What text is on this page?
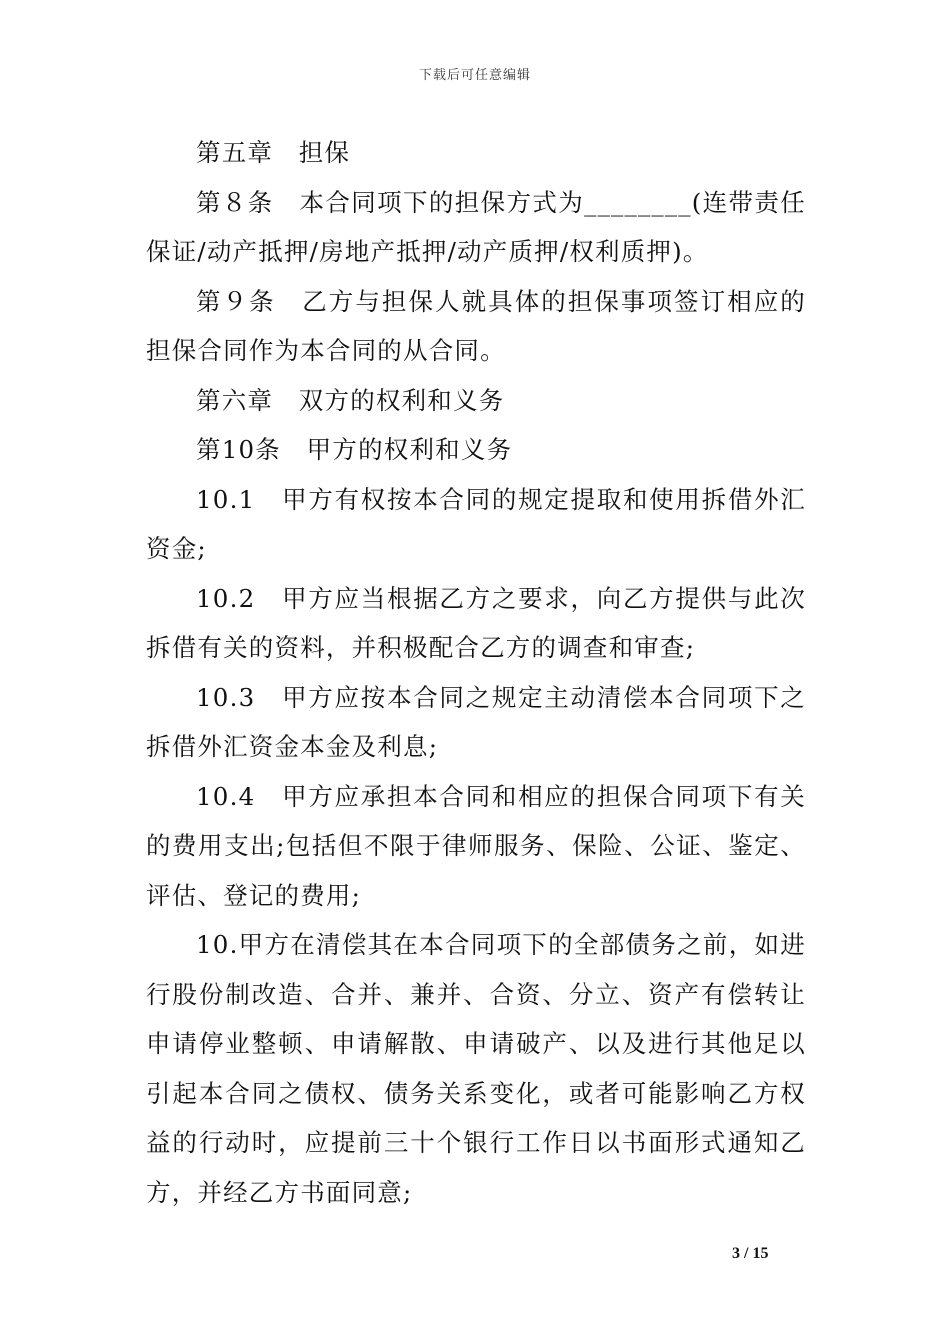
下载后可任意编辑

第五章　担保

第８条　本合同项下的担保方式为________(连带责任保证/动产抵押/房地产抵押/动产质押/权利质押)。

第９条　乙方与担保人就具体的担保事项签订相应的担保合同作为本合同的从合同。

第六章　双方的权利和义务

第10条　甲方的权利和义务

10.1　甲方有权按本合同的规定提取和使用拆借外汇资金;

10.2　甲方应当根据乙方之要求，向乙方提供与此次拆借有关的资料，并积极配合乙方的调查和审查;

10.3　甲方应按本合同之规定主动清偿本合同项下之拆借外汇资金本金及利息;

10.4　甲方应承担本合同和相应的担保合同项下有关的费用支出;包括但不限于律师服务、保险、公证、鉴定、评估、登记的费用;

10.甲方在清偿其在本合同项下的全部债务之前，如进行股份制改造、合并、兼并、合资、分立、资产有偿转让申请停业整顿、申请解散、申请破产、以及进行其他足以引起本合同之债权、债务关系变化，或者可能影响乙方权益的行动时，应提前三十个银行工作日以书面形式通知乙方，并经乙方书面同意;

3 / 15
